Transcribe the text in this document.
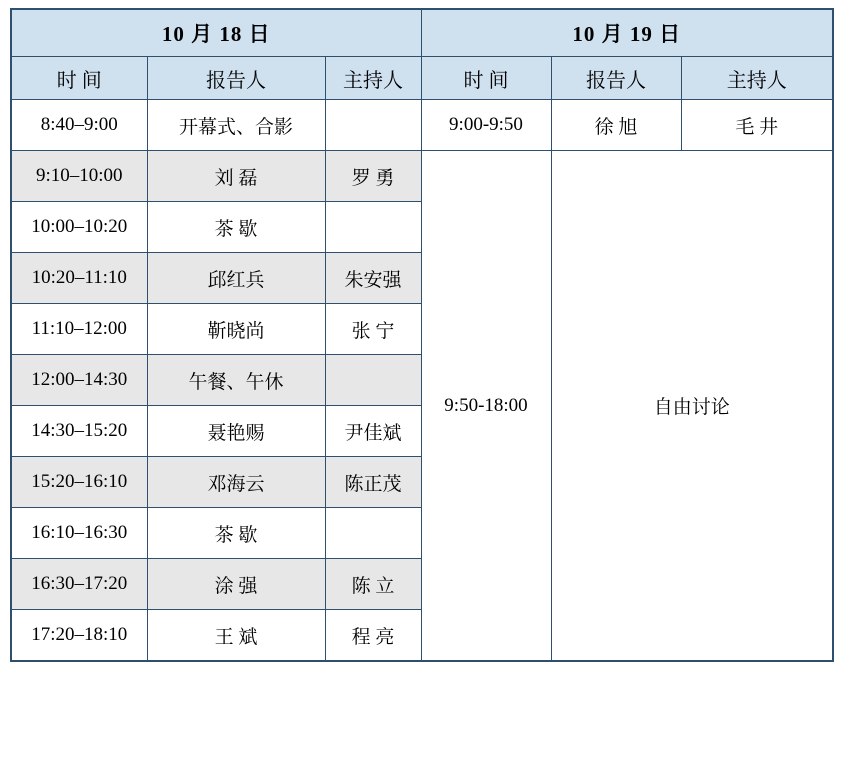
10 月 18 日			10 月 19 日		
时 间	报告人	主持人	时 间	报告人	主持人
8:40–9:00	开幕式、合影		9:00-9:50	徐 旭	毛 井
9:10–10:00	刘 磊	罗 勇	9:50-18:00	自由讨论	
10:00–10:20	茶 歇				
10:20–11:10	邱红兵	朱安强			
11:10–12:00	靳晓尚	张 宁			
12:00–14:30	午餐、午休				
14:30–15:20	聂艳赐	尹佳斌			
15:20–16:10	邓海云	陈正茂			
16:10–16:30	茶 歇				
16:30–17:20	涂 强	陈 立			
17:20–18:10	王 斌	程 亮			
